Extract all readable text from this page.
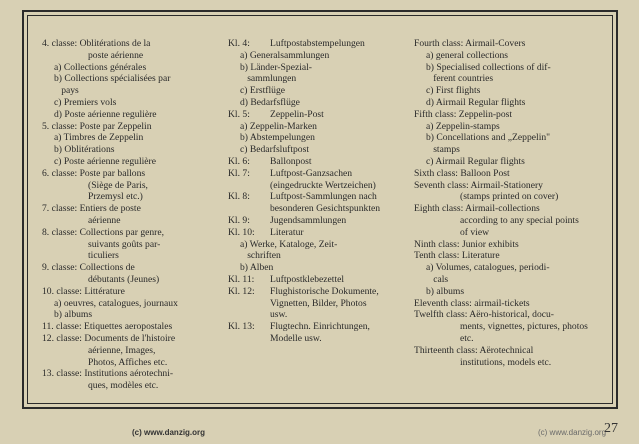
4. classe: Oblitérations de la
poste aérienne
a) Collections générales
b) Collections spécialisées par
pays
c) Premiers vols
d) Poste aérienne regulière
5. classe: Poste par Zeppelin
a) Timbres de Zeppelin
b) Oblitérations
c) Poste aérienne regulière
6. classe: Poste par ballons
(Siège de Paris,
Przemysl etc.)
7. classe: Entiers de poste
aérienne
8. classe: Collections par genre,
suivants goûts par-
ticuliers
9. classe: Collections de
débutants (Jeunes)
10. classe: Littérature
a) oeuvres, catalogues, journaux
b) albums
11. classe: Etiquettes aeropostales
12. classe: Documents de l'histoire
aérienne, Images,
Photos, Affiches etc.
13. classe: Institutions aérotechni-
ques, modèles etc.
Kl. 4:	Luftpostabstempelungen
a) Generalsammlungen
b) Länder-Spezial-
sammlungen
c) Erstflüge
d) Bedarfsflüge
Kl. 5:	Zeppelin-Post
a) Zeppelin-Marken
b) Abstempelungen
c) Bedarfsluftpost
Kl. 6:	Ballonpost
Kl. 7:	Luftpost-Ganzsachen
(eingedruckte Wertzeichen)
Kl. 8:	Luftpost-Sammlungen nach
besonderen Gesichtspunkten
Kl. 9:	Jugendsammlungen
Kl. 10:	Literatur
a) Werke, Kataloge, Zeit-
schriften
b) Alben
Kl. 11:	Luftpostklebezettel
Kl. 12:	Flughistorische Dokumente,
Vignetten, Bilder, Photos
usw.
Kl. 13:	Flugtechn. Einrichtungen,
Modelle usw.
Fourth class: Airmail-Covers
a) general collections
b) Specialised collections of dif-
ferent countries
c) First flights
d) Airmail Regular flights
Fifth class: Zeppelin-post
a) Zeppelin-stamps
b) Concellations and „Zeppelin"
stamps
c) Airmail Regular flights
Sixth class: Balloon Post
Seventh class: Airmail-Stationery
(stamps printed on cover)
Eighth class: Airmail-collections
according to any special points
of view
Ninth class: Junior exhibits
Tenth class: Literature
a) Volumes, catalogues, periodi-
cals
b) albums
Eleventh class: airmail-tickets
Twelfth class: Aëro-historical, docu-
ments, vignettes, pictures, photos
etc.
Thirteenth class: Aërotechnical
institutions, models etc.
(c) www.danzig.org	(c) www.danzig.org
27
